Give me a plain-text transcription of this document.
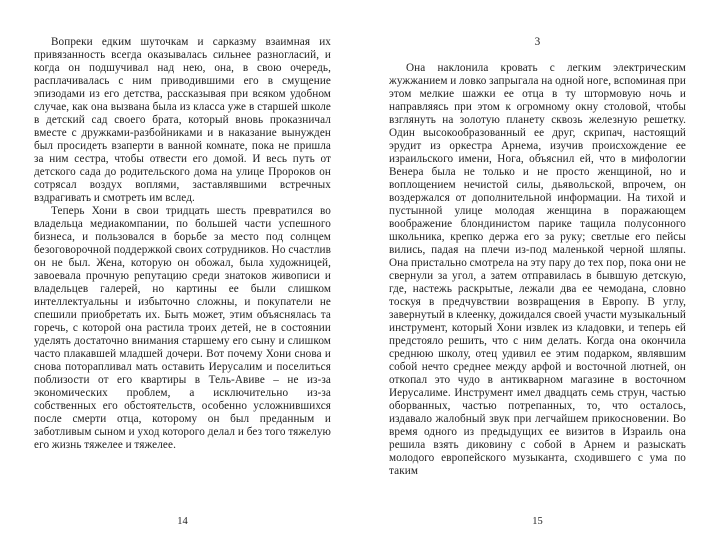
Вопреки едким шуточкам и сарказму взаимная их привязанность всегда оказывалась сильнее разногласий, и когда он подшучивал над нею, она, в свою очередь, расплачивалась с ним приводившими его в смущение эпизодами из его детства, рассказывая при всяком удобном случае, как она вызвана была из класса уже в старшей школе в детский сад своего брата, который вновь проказничал вместе с дружками-разбойниками и в наказание вынужден был просидеть взаперти в ванной комнате, пока не пришла за ним сестра, чтобы отвести его домой. И весь путь от детского сада до родительского дома на улице Пророков он сотрясал воздух воплями, заставлявшими встречных вздрагивать и смотреть им вслед.

Теперь Хони в свои тридцать шесть превратился во владельца медиакомпании, по большей части успешного бизнеса, и пользовался в борьбе за место под солнцем безоговорочной поддержкой своих сотрудников. Но счастлив он не был. Жена, которую он обожал, была художницей, завоевала прочную репутацию среди знатоков живописи и владельцев галерей, но картины ее были слишком интеллектуальны и избыточно сложны, и покупатели не спешили приобретать их. Быть может, этим объяснялась та горечь, с которой она растила троих детей, не в состоянии уделять достаточно внимания старшему его сыну и слишком часто плакавшей младшей дочери. Вот почему Хони снова и снова поторапливал мать оставить Иерусалим и поселиться поблизости от его квартиры в Тель-Авиве – не из-за экономических проблем, а исключительно из-за собственных его обстоятельств, особенно усложнившихся после смерти отца, которому он был преданным и заботливым сыном и уход которого делал и без того тяжелую его жизнь тяжелее и тяжелее.

14
3

Она наклонила кровать с легким электрическим жужжанием и ловко запрыгала на одной ноге, вспоминая при этом мелкие шажки ее отца в ту штормовую ночь и направляясь при этом к огромному окну столовой, чтобы взглянуть на золотую планету сквозь железную решетку. Один высокообразованный ее друг, скрипач, настоящий эрудит из оркестра Арнема, изучив происхождение ее израильского имени, Нога, объяснил ей, что в мифологии Венера была не только и не просто женщиной, но и воплощением нечистой силы, дьявольской, впрочем, он воздержался от дополнительной информации. На тихой и пустынной улице молодая женщина в поражающем воображение блондинистом парике тащила полусонного школьника, крепко держа его за руку; светлые его пейсы вились, падая на плечи из-под маленькой черной шляпы. Она пристально смотрела на эту пару до тех пор, пока они не свернули за угол, а затем отправилась в бывшую детскую, где, настежь раскрытые, лежали два ее чемодана, словно тоскуя в предчувствии возвращения в Европу. В углу, завернутый в клеенку, дожидался своей участи музыкальный инструмент, который Хони извлек из кладовки, и теперь ей предстояло решить, что с ним делать. Когда она окончила среднюю школу, отец удивил ее этим подарком, являвшим собой нечто среднее между арфой и восточной лютней, он откопал это чудо в антикварном магазине в восточном Иерусалиме. Инструмент имел двадцать семь струн, частью оборванных, частью потрепанных, то, что осталось, издавало жалобный звук при легчайшем прикосновении. Во время одного из предыдущих ее визитов в Израиль она решила взять диковину с собой в Арнем и разыскать молодого европейского музыканта, сходившего с ума по таким

15
